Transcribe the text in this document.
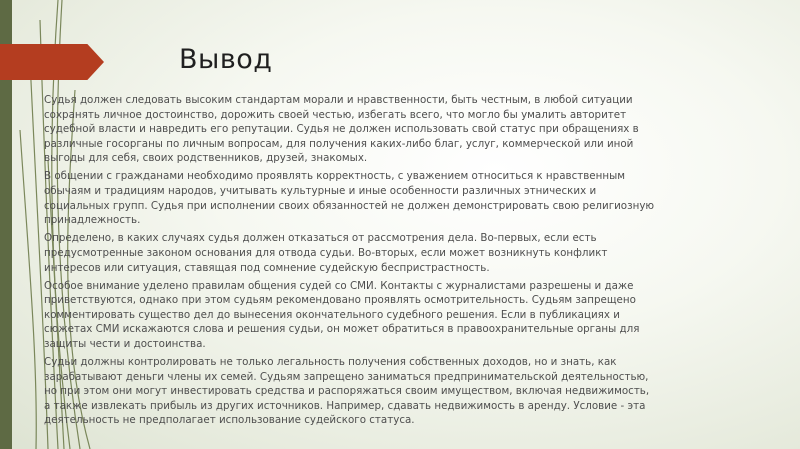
Вывод

Судья должен следовать высоким стандартам морали и нравственности, быть честным, в любой ситуации сохранять личное достоинство, дорожить своей честью, избегать всего, что могло бы умалить авторитет судебной власти и навредить его репутации. Судья не должен использовать свой статус при обращениях в различные госорганы по личным вопросам, для получения каких-либо благ, услуг, коммерческой или иной выгоды для себя, своих родственников, друзей, знакомых.

В общении с гражданами необходимо проявлять корректность, с уважением относиться к нравственным обычаям и традициям народов, учитывать культурные и иные особенности различных этнических и социальных групп. Судья при исполнении своих обязанностей не должен демонстрировать свою религиозную принадлежность.

Определено, в каких случаях судья должен отказаться от рассмотрения дела. Во-первых, если есть предусмотренные законом основания для отвода судьи. Во-вторых, если может возникнуть конфликт интересов или ситуация, ставящая под сомнение судейскую беспристрастность.

Особое внимание уделено правилам общения судей со СМИ. Контакты с журналистами разрешены и даже приветствуются, однако при этом судьям рекомендовано проявлять осмотрительность. Судьям запрещено комментировать существо дел до вынесения окончательного судебного решения. Если в публикациях и сюжетах СМИ искажаются слова и решения судьи, он может обратиться в правоохранительные органы для защиты чести и достоинства.

Судьи должны контролировать не только легальность получения собственных доходов, но и знать, как зарабатывают деньги члены их семей. Судьям запрещено заниматься предпринимательской деятельностью, но при этом они могут инвестировать средства и распоряжаться своим имуществом, включая недвижимость, а также извлекать прибыль из других источников. Например, сдавать недвижимость в аренду. Условие - эта деятельность не предполагает использование судейского статуса.
